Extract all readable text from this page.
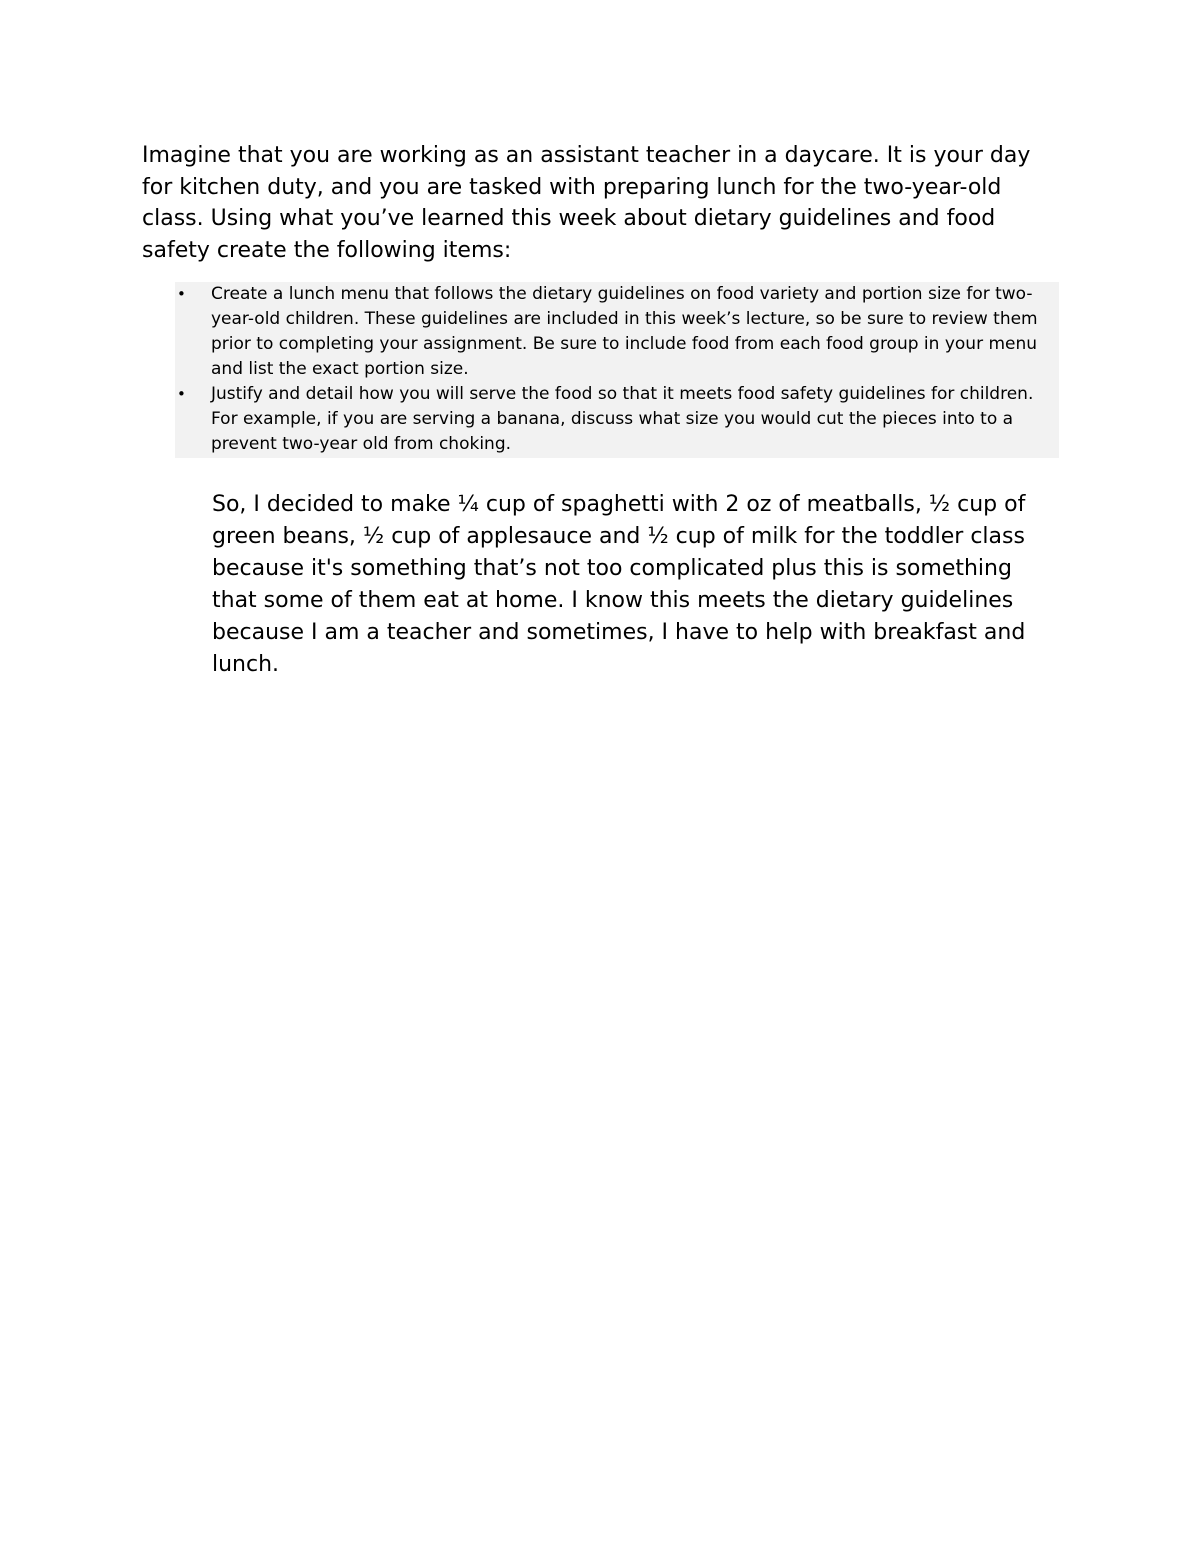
Imagine that you are working as an assistant teacher in a daycare. It is your day for kitchen duty, and you are tasked with preparing lunch for the two-year-old class. Using what you’ve learned this week about dietary guidelines and food safety create the following items:

• Create a lunch menu that follows the dietary guidelines on food variety and portion size for two-year-old children. These guidelines are included in this week’s lecture, so be sure to review them prior to completing your assignment. Be sure to include food from each food group in your menu and list the exact portion size.
• Justify and detail how you will serve the food so that it meets food safety guidelines for children. For example, if you are serving a banana, discuss what size you would cut the pieces into to a prevent two-year old from choking.

So, I decided to make ¼ cup of spaghetti with 2 oz of meatballs, ½ cup of green beans, ½ cup of applesauce and ½ cup of milk for the toddler class because it's something that’s not too complicated plus this is something that some of them eat at home. I know this meets the dietary guidelines because I am a teacher and sometimes, I have to help with breakfast and lunch.
